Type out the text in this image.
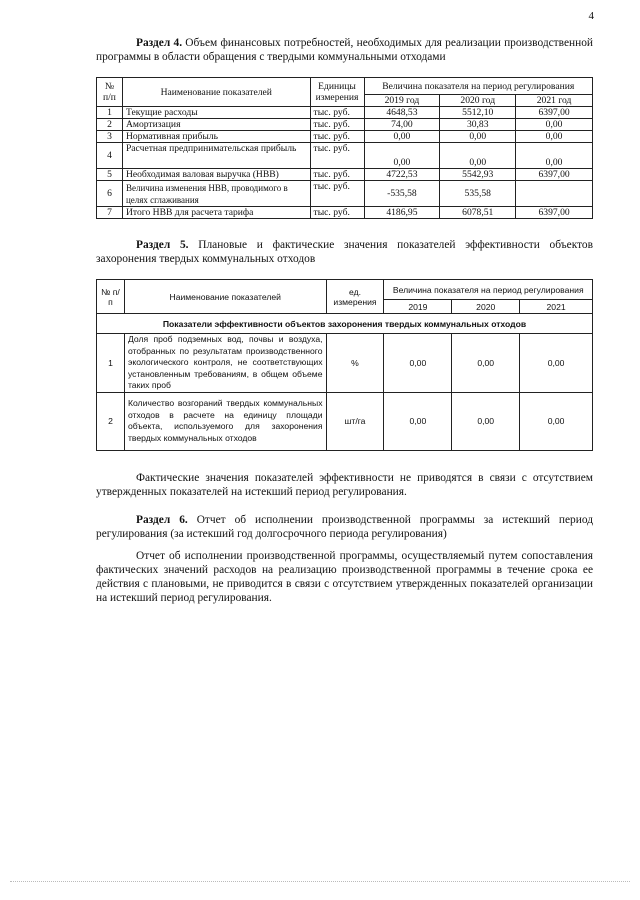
4

Раздел 4. Объем финансовых потребностей, необходимых для реализации производственной программы в области обращения с твердыми коммунальными отходами

№ п/п	Наименование показателей	Единицы измерения	Величина показателя на период регулирования		
			2019 год	2020 год	2021 год
1	Текущие расходы	тыс. руб.	4648,53	5512,10	6397,00
2	Амортизация	тыс. руб.	74,00	30,83	0,00
3	Нормативная прибыль	тыс. руб.	0,00	0,00	0,00
4	Расчетная предпринимательская прибыль	тыс. руб.	0,00	0,00	0,00
5	Необходимая валовая выручка (НВВ)	тыс. руб.	4722,53	5542,93	6397,00
6	Величина изменения НВВ, проводимого в целях сглаживания	тыс. руб.	-535,58	535,58	
7	Итого НВВ для расчета тарифа	тыс. руб.	4186,95	6078,51	6397,00

Раздел 5. Плановые и фактические значения показателей эффективности объектов захоронения твердых коммунальных отходов

№ п/п	Наименование показателей	ед. измерения	Величина показателя на период регулирования		
			2019	2020	2021
Показатели эффективности объектов захоронения твердых коммунальных отходов					
1	Доля проб подземных вод, почвы и воздуха, отобранных по результатам производственного экологического контроля, не соответствующих установленным требованиям, в общем объеме таких проб	%	0,00	0,00	0,00
2	Количество возгораний твердых коммунальных отходов в расчете на единицу площади объекта, используемого для захоронения твердых коммунальных отходов	шт/га	0,00	0,00	0,00

Фактические значения показателей эффективности не приводятся в связи с отсутствием утвержденных показателей на истекший период регулирования.

Раздел 6. Отчет об исполнении производственной программы за истекший период регулирования (за истекший год долгосрочного периода регулирования)

Отчет об исполнении производственной программы, осуществляемый путем сопоставления фактических значений расходов на реализацию производственной программы в течение срока ее действия с плановыми, не приводится в связи с отсутствием утвержденных показателей организации на истекший период регулирования.
